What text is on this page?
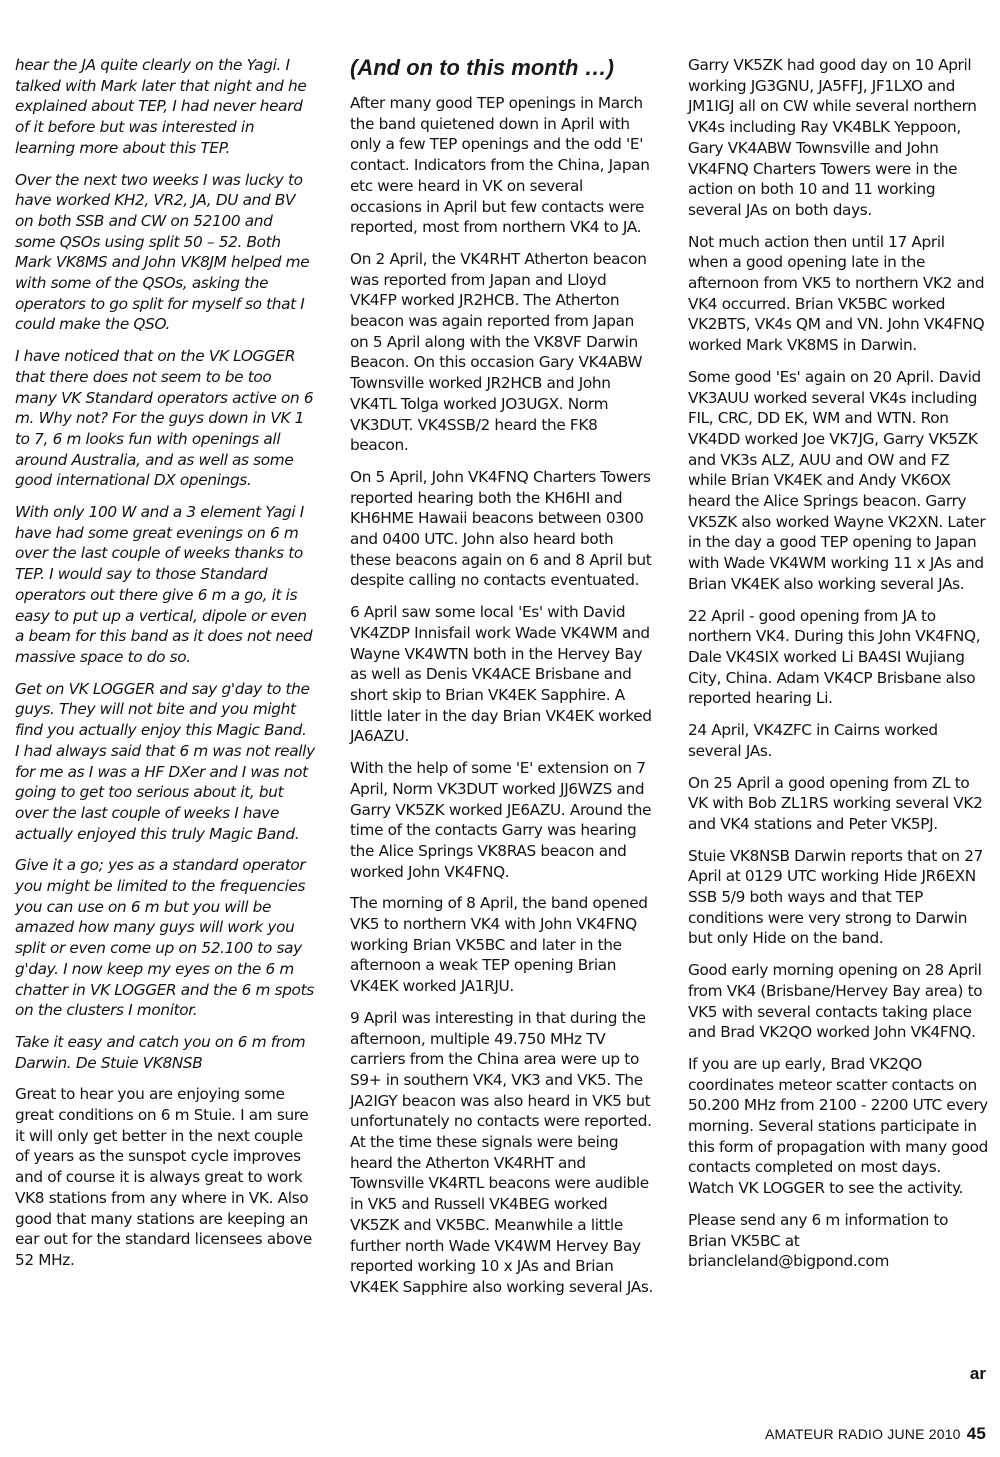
hear the JA quite clearly on the Yagi. I talked with Mark later that night and he explained about TEP, I had never heard of it before but was interested in learning more about this TEP.

Over the next two weeks I was lucky to have worked KH2, VR2, JA, DU and BV on both SSB and CW on 52100 and some QSOs using split 50 – 52. Both Mark VK8MS and John VK8JM helped me with some of the QSOs, asking the operators to go split for myself so that I could make the QSO.

I have noticed that on the VK LOGGER that there does not seem to be too many VK Standard operators active on 6 m. Why not? For the guys down in VK 1 to 7, 6 m looks fun with openings all around Australia, and as well as some good international DX openings.

With only 100 W and a 3 element Yagi I have had some great evenings on 6 m over the last couple of weeks thanks to TEP. I would say to those Standard operators out there give 6 m a go, it is easy to put up a vertical, dipole or even a beam for this band as it does not need massive space to do so.

Get on VK LOGGER and say g'day to the guys. They will not bite and you might find you actually enjoy this Magic Band. I had always said that 6 m was not really for me as I was a HF DXer and I was not going to get too serious about it, but over the last couple of weeks I have actually enjoyed this truly Magic Band.

Give it a go; yes as a standard operator you might be limited to the frequencies you can use on 6 m but you will be amazed how many guys will work you split or even come up on 52.100 to say g'day. I now keep my eyes on the 6 m chatter in VK LOGGER and the 6 m spots on the clusters I monitor.

Take it easy and catch you on 6 m from Darwin. De Stuie VK8NSB

Great to hear you are enjoying some great conditions on 6 m Stuie. I am sure it will only get better in the next couple of years as the sunspot cycle improves and of course it is always great to work VK8 stations from any where in VK. Also good that many stations are keeping an ear out for the standard licensees above 52 MHz.

(And on to this month …)

After many good TEP openings in March the band quietened down in April with only a few TEP openings and the odd 'E' contact. Indicators from the China, Japan etc were heard in VK on several occasions in April but few contacts were reported, most from northern VK4 to JA.

On 2 April, the VK4RHT Atherton beacon was reported from Japan and Lloyd VK4FP worked JR2HCB. The Atherton beacon was again reported from Japan on 5 April along with the VK8VF Darwin Beacon. On this occasion Gary VK4ABW Townsville worked JR2HCB and John VK4TL Tolga worked JO3UGX. Norm VK3DUT. VK4SSB/2 heard the FK8 beacon.

On 5 April, John VK4FNQ Charters Towers reported hearing both the KH6HI and KH6HME Hawaii beacons between 0300 and 0400 UTC. John also heard both these beacons again on 6 and 8 April but despite calling no contacts eventuated.

6 April saw some local 'Es' with David VK4ZDP Innisfail work Wade VK4WM and Wayne VK4WTN both in the Hervey Bay as well as Denis VK4ACE Brisbane and short skip to Brian VK4EK Sapphire. A little later in the day Brian VK4EK worked JA6AZU.

With the help of some 'E' extension on 7 April, Norm VK3DUT worked JJ6WZS and Garry VK5ZK worked JE6AZU. Around the time of the contacts Garry was hearing the Alice Springs VK8RAS beacon and worked John VK4FNQ.

The morning of 8 April, the band opened VK5 to northern VK4 with John VK4FNQ working Brian VK5BC and later in the afternoon a weak TEP opening Brian VK4EK worked JA1RJU.

9 April was interesting in that during the afternoon, multiple 49.750 MHz TV carriers from the China area were up to S9+ in southern VK4, VK3 and VK5. The JA2IGY beacon was also heard in VK5 but unfortunately no contacts were reported. At the time these signals were being heard the Atherton VK4RHT and Townsville VK4RTL beacons were audible in VK5 and Russell VK4BEG worked VK5ZK and VK5BC. Meanwhile a little further north Wade VK4WM Hervey Bay reported working 10 x JAs and Brian VK4EK Sapphire also working several JAs.

Garry VK5ZK had good day on 10 April working JG3GNU, JA5FFJ, JF1LXO and JM1IGJ all on CW while several northern VK4s including Ray VK4BLK Yeppoon, Gary VK4ABW Townsville and John VK4FNQ Charters Towers were in the action on both 10 and 11 working several JAs on both days.

Not much action then until 17 April when a good opening late in the afternoon from VK5 to northern VK2 and VK4 occurred. Brian VK5BC worked VK2BTS, VK4s QM and VN. John VK4FNQ worked Mark VK8MS in Darwin.

Some good 'Es' again on 20 April. David VK3AUU worked several VK4s including FIL, CRC, DD EK, WM and WTN. Ron VK4DD worked Joe VK7JG, Garry VK5ZK and VK3s ALZ, AUU and OW and FZ while Brian VK4EK and Andy VK6OX heard the Alice Springs beacon. Garry VK5ZK also worked Wayne VK2XN. Later in the day a good TEP opening to Japan with Wade VK4WM working 11 x JAs and Brian VK4EK also working several JAs.

22 April - good opening from JA to northern VK4. During this John VK4FNQ, Dale VK4SIX worked Li BA4SI Wujiang City, China. Adam VK4CP Brisbane also reported hearing Li.

24 April, VK4ZFC in Cairns worked several JAs.

On 25 April a good opening from ZL to VK with Bob ZL1RS working several VK2 and VK4 stations and Peter VK5PJ.

Stuie VK8NSB Darwin reports that on 27 April at 0129 UTC working Hide JR6EXN SSB 5/9 both ways and that TEP conditions were very strong to Darwin but only Hide on the band.

Good early morning opening on 28 April from VK4 (Brisbane/Hervey Bay area) to VK5 with several contacts taking place and Brad VK2QO worked John VK4FNQ.

If you are up early, Brad VK2QO coordinates meteor scatter contacts on 50.200 MHz from 2100 - 2200 UTC every morning. Several stations participate in this form of propagation with many good contacts completed on most days. Watch VK LOGGER to see the activity.

Please send any 6 m information to Brian VK5BC at briancleland@bigpond.com

ar
AMATEUR RADIO JUNE 2010 45
